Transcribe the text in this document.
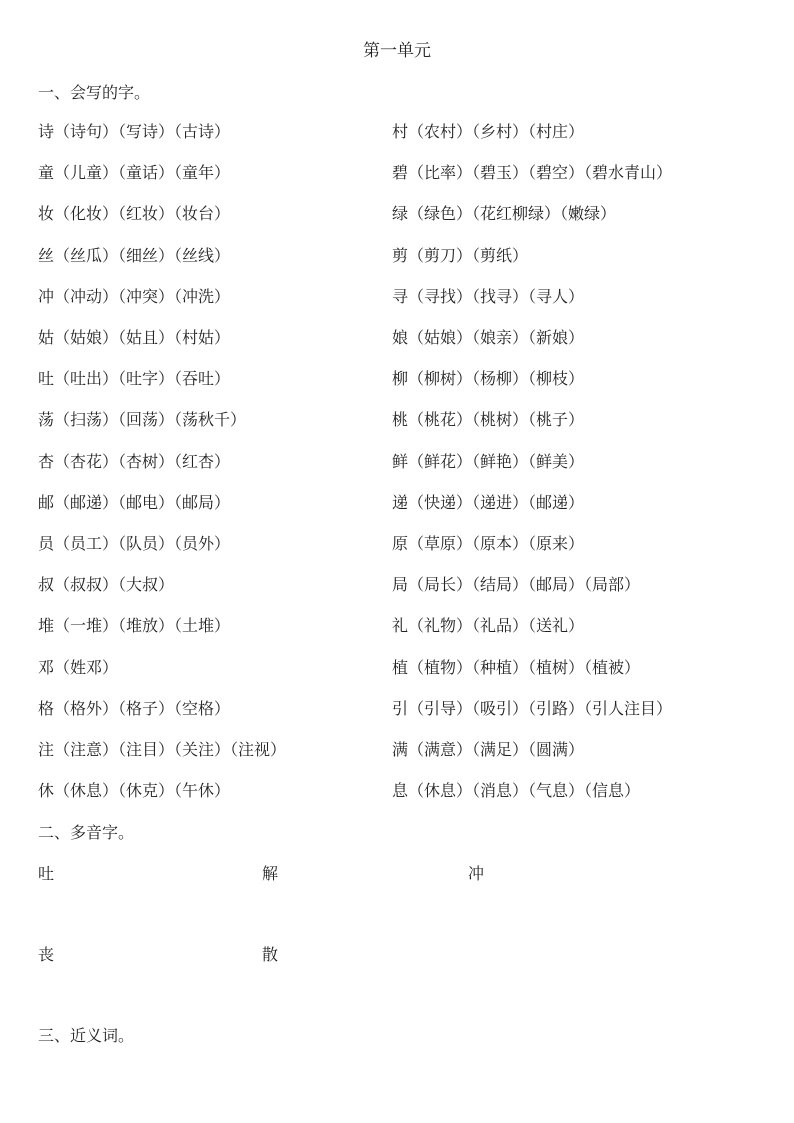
第一单元
一、会写的字。
诗（诗句）（写诗）（古诗）	村（农村）（乡村）（村庄）
童（儿童）（童话）（童年）	碧（比率）（碧玉）（碧空）（碧水青山）
妆（化妆）（红妆）（妆台）	绿（绿色）（花红柳绿）（嫩绿）
丝（丝瓜）（细丝）（丝线）	剪（剪刀）（剪纸）
冲（冲动）（冲突）（冲洗）	寻（寻找）（找寻）（寻人）
姑（姑娘）（姑且）（村姑）	娘（姑娘）（娘亲）（新娘）
吐（吐出）（吐字）（吞吐）	柳（柳树）（杨柳）（柳枝）
荡（扫荡）（回荡）（荡秋千）	桃（桃花）（桃树）（桃子）
杏（杏花）（杏树）（红杏）	鲜（鲜花）（鲜艳）（鲜美）
邮（邮递）（邮电）（邮局）	递（快递）（递进）（邮递）
员（员工）（队员）（员外）	原（草原）（原本）（原来）
叔（叔叔）（大叔）	局（局长）（结局）（邮局）（局部）
堆（一堆）（堆放）（土堆）	礼（礼物）（礼品）（送礼）
邓（姓邓）	植（植物）（种植）（植树）（植被）
格（格外）（格子）（空格）	引（引导）（吸引）（引路）（引人注目）
注（注意）（注目）（关注）（注视）	满（满意）（满足）（圆满）
休（休息）（休克）（午休）	息（休息）（消息）（气息）（信息）
二、多音字。
吐	解	冲
丧	散
三、近义词。
